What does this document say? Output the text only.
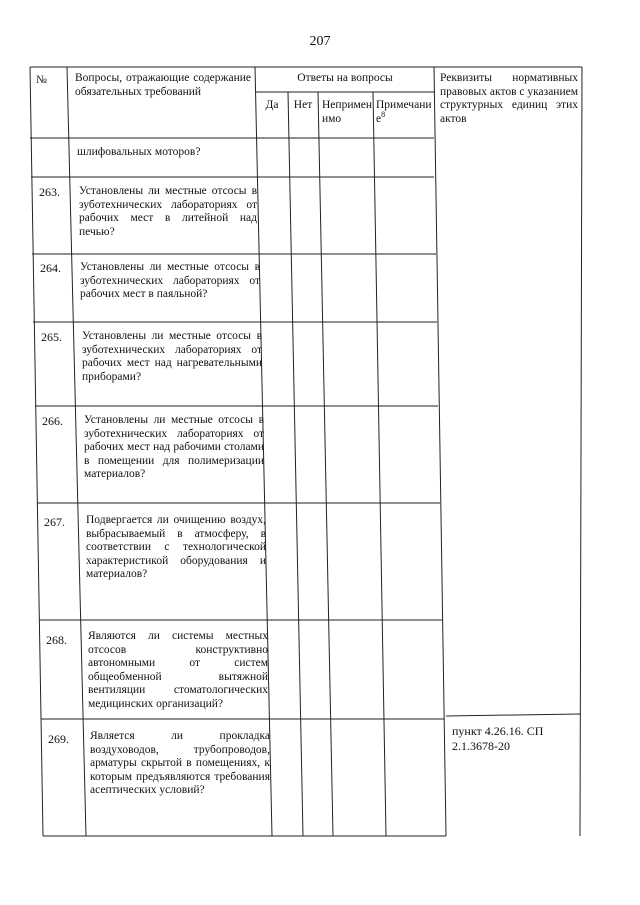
207
№ Вопросы, отражающие содержание обязательных требований
Ответы на вопросы
Да	Нет Неприменимо
Примечание$^8$
Реквизиты нормативных правовых актов с указанием структурных единиц этих актов
шлифовальных моторов?
263. Установлены ли местные отсосы в зуботехнических лабораториях от рабочих мест в литейной над печью?
264. Установлены ли местные отсосы в зуботехнических лабораториях от рабочих мест в паяльной?
265. Установлены ли местные отсосы в зуботехнических лабораториях от рабочих мест над нагревательными приборами?
266. Установлены ли местные отсосы в зуботехнических лабораториях от рабочих мест над рабочими столами в помещении для полимеризации материалов?
267. Подвергается ли очищению воздух, выбрасываемый в атмосферу, в соответствии с технологической характеристикой оборудования и материалов?
268. Являются ли системы местных отсосов конструктивно автономными от систем общеобменной вытяжной вентиляции стоматологических медицинских организаций?
269. Является ли прокладка воздуховодов, трубопроводов, арматуры скрытой в помещениях, к которым предъявляются требования асептических условий?
пункт 4.26.16. СП 2.1.3678-20
